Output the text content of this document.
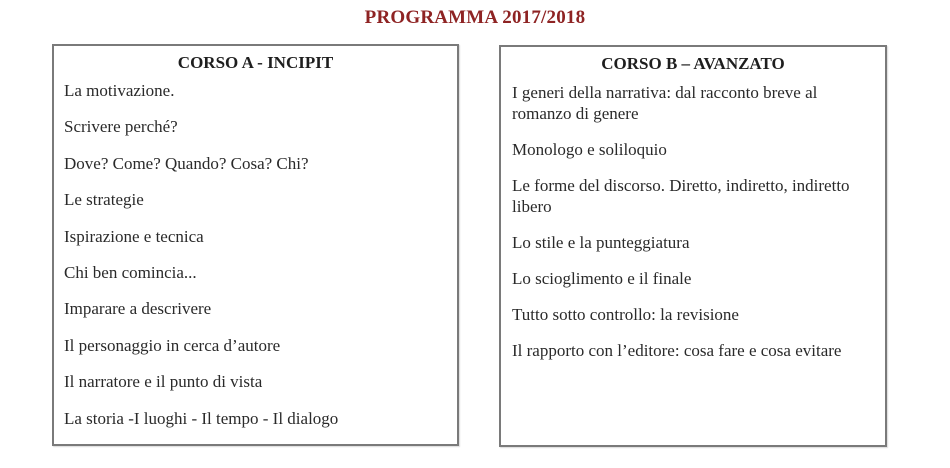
PROGRAMMA 2017/2018
CORSO A - INCIPIT
La motivazione.
Scrivere perché?
Dove? Come? Quando? Cosa? Chi?
Le strategie
Ispirazione e tecnica
Chi ben comincia...
Imparare a descrivere
Il personaggio in cerca d’autore
Il narratore e il punto di vista
La storia -I luoghi - Il tempo - Il dialogo
CORSO B – AVANZATO
I generi della narrativa: dal racconto breve al romanzo di genere
Monologo e soliloquio
Le forme del discorso. Diretto, indiretto, indiretto libero
Lo stile e la punteggiatura
Lo scioglimento e il finale
Tutto sotto controllo: la revisione
Il rapporto con l’editore: cosa fare e cosa evitare
